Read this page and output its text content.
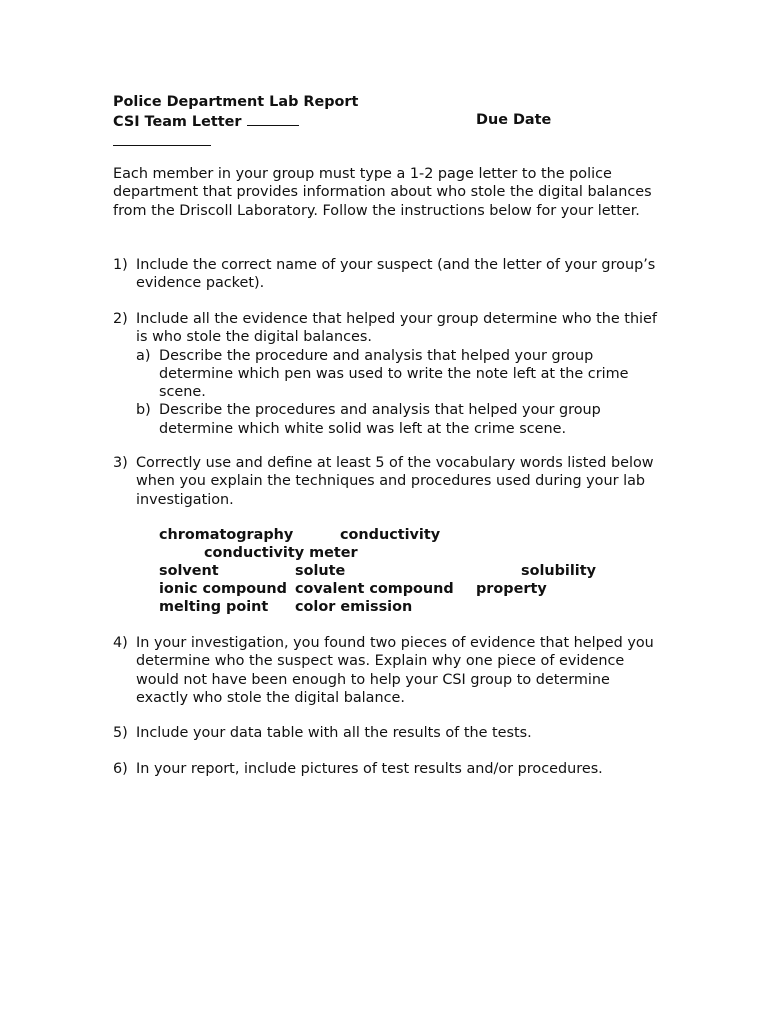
Police Department Lab Report
CSI Team Letter	Due Date
Each member in your group must type a 1-2 page letter to the police department that provides information about who stole the digital balances from the Driscoll Laboratory. Follow the instructions below for your letter.
1) Include the correct name of your suspect (and the letter of your group’s evidence packet).
2) Include all the evidence that helped your group determine who the thief is who stole the digital balances.
a) Describe the procedure and analysis that helped your group determine which pen was used to write the note left at the crime scene.
b) Describe the procedures and analysis that helped your group determine which white solid was left at the crime scene.
3) Correctly use and define at least 5 of the vocabulary words listed below when you explain the techniques and procedures used during your lab investigation.
chromatography	conductivity
conductivity meter
solvent	solute	solubility
ionic compound covalent compound property
melting point color emission
4) In your investigation, you found two pieces of evidence that helped you determine who the suspect was. Explain why one piece of evidence would not have been enough to help your CSI group to determine exactly who stole the digital balance.
5) Include your data table with all the results of the tests.
6) In your report, include pictures of test results and/or procedures.
